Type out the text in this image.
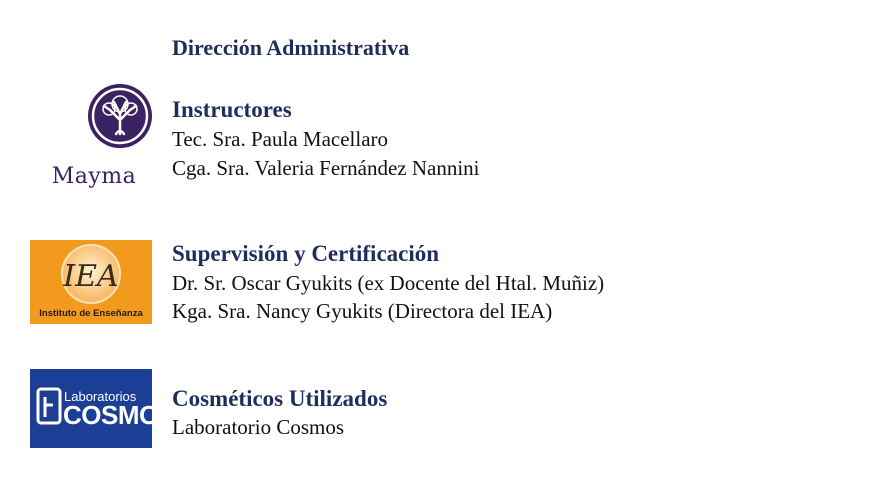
Dirección Administrativa
Mayma
Instructores
Tec. Sra. Paula Macellaro
Cga. Sra. Valeria Fernández Nannini
IEA
Instituto de Enseñanza
Supervisión y Certificación
Dr. Sr. Oscar Gyukits (ex Docente del Htal. Muñiz)
Kga. Sra. Nancy Gyukits (Directora del IEA)
Laboratorios
COSMOS
Cosméticos Utilizados
Laboratorio Cosmos
